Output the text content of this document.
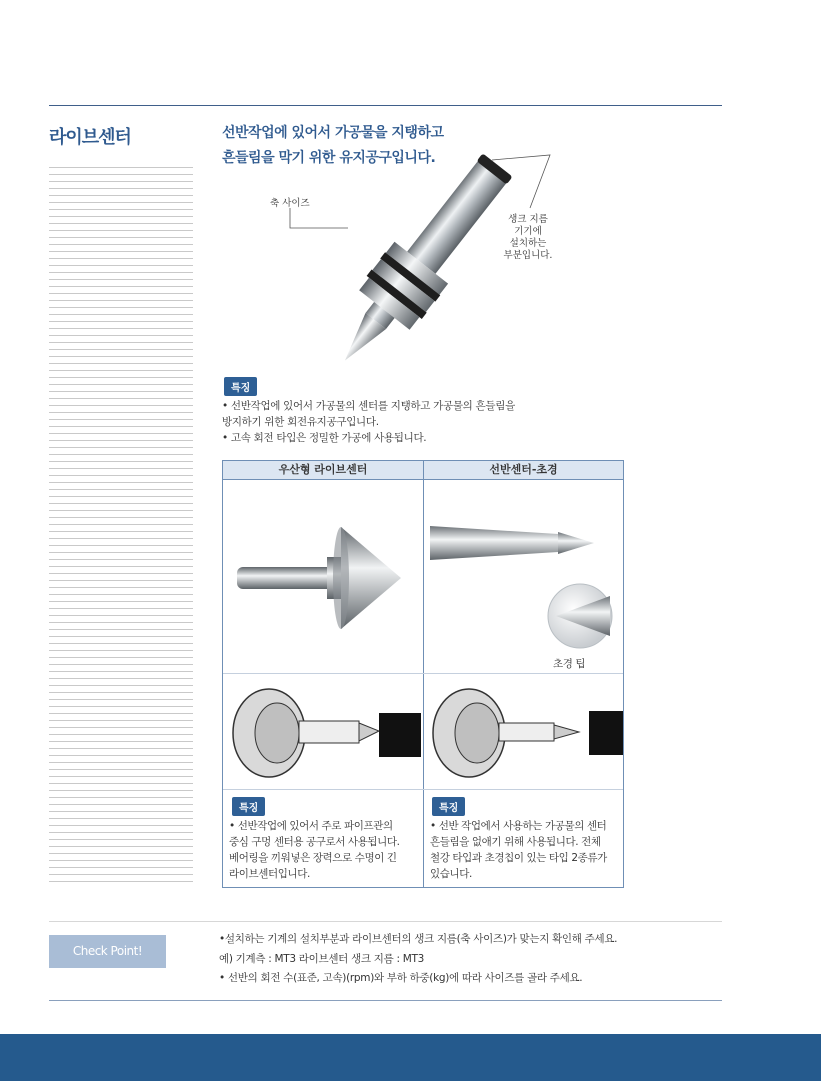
라이브센터	선반작업에 있어서 가공물을 지탱하고
흔들림을 막기 위한 유지공구입니다.
축 사이즈
생크 지름
기기에
설치하는
부분입니다.
특징
• 선반작업에 있어서 가공물의 센터를 지탱하고 가공물의 흔들림을
방지하기 위한 회전유지공구입니다.
• 고속 회전 타입은 정밀한 가공에 사용됩니다.
우산형 라이브센터	선반센터-초경
초경 팁
특징
• 선반작업에 있어서 주로 파이프관의
중심 구멍 센터용 공구로서 사용됩니다.
베어링을 끼워넣은 장력으로 수명이 긴
라이브센터입니다.
특징
• 선반 작업에서 사용하는 가공물의 센터
흔들림을 없애기 위해 사용됩니다. 전체
철강 타입과 초경칩이 있는 타입 2종류가
있습니다.
Check Point!
•설치하는 기계의 설치부분과 라이브센터의 생크 지름(축 사이즈)가 맞는지 확인해 주세요.
예) 기계측 : MT3 라이브센터 생크 지름 : MT3
• 선반의 회전 수(표준, 고속)(rpm)와 부하 하중(kg)에 따라 사이즈를 골라 주세요.
